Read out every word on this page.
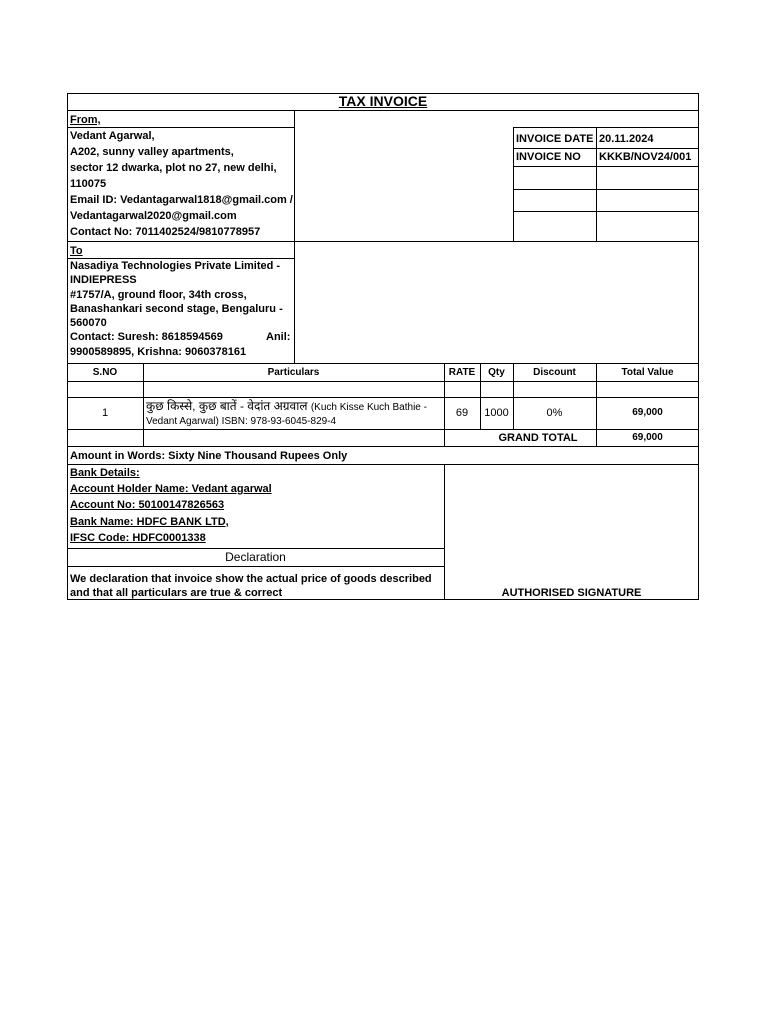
TAX INVOICE
From,
Vedant Agarwal,
A202, sunny valley apartments,
sector 12 dwarka, plot no 27, new delhi,
110075
Email ID: Vedantagarwal1818@gmail.com /
Vedantagarwal2020@gmail.com
Contact No: 7011402524/9810778957
INVOICE DATE 20.11.2024
INVOICE NO KKKB/NOV24/001
To
Nasadiya Technologies Private Limited -
INDIEPRESS
#1757/A, ground floor, 34th cross,
Banashankari second stage, Bengaluru -
560070
Contact: Suresh: 8618594569	Anil:
9900589895, Krishna: 9060378161
S.NO	Particulars	RATE	Qty	Discount	Total Value
1	कुछ किस्से, कुछ बातें - वेदांत अग्रवाल (Kuch Kisse Kuch Bathie -
Vedant Agarwal) ISBN: 978-93-6045-829-4
69	1000	0%	69,000
GRAND TOTAL	69,000
Amount in Words: Sixty Nine Thousand Rupees Only
Bank Details:
Account Holder Name: Vedant agarwal
Account No: 50100147826563
Bank Name: HDFC BANK LTD,
IFSC Code: HDFC0001338
Declaration
We declaration that invoice show the actual price of goods described
and that all particulars are true & correct	AUTHORISED SIGNATURE
